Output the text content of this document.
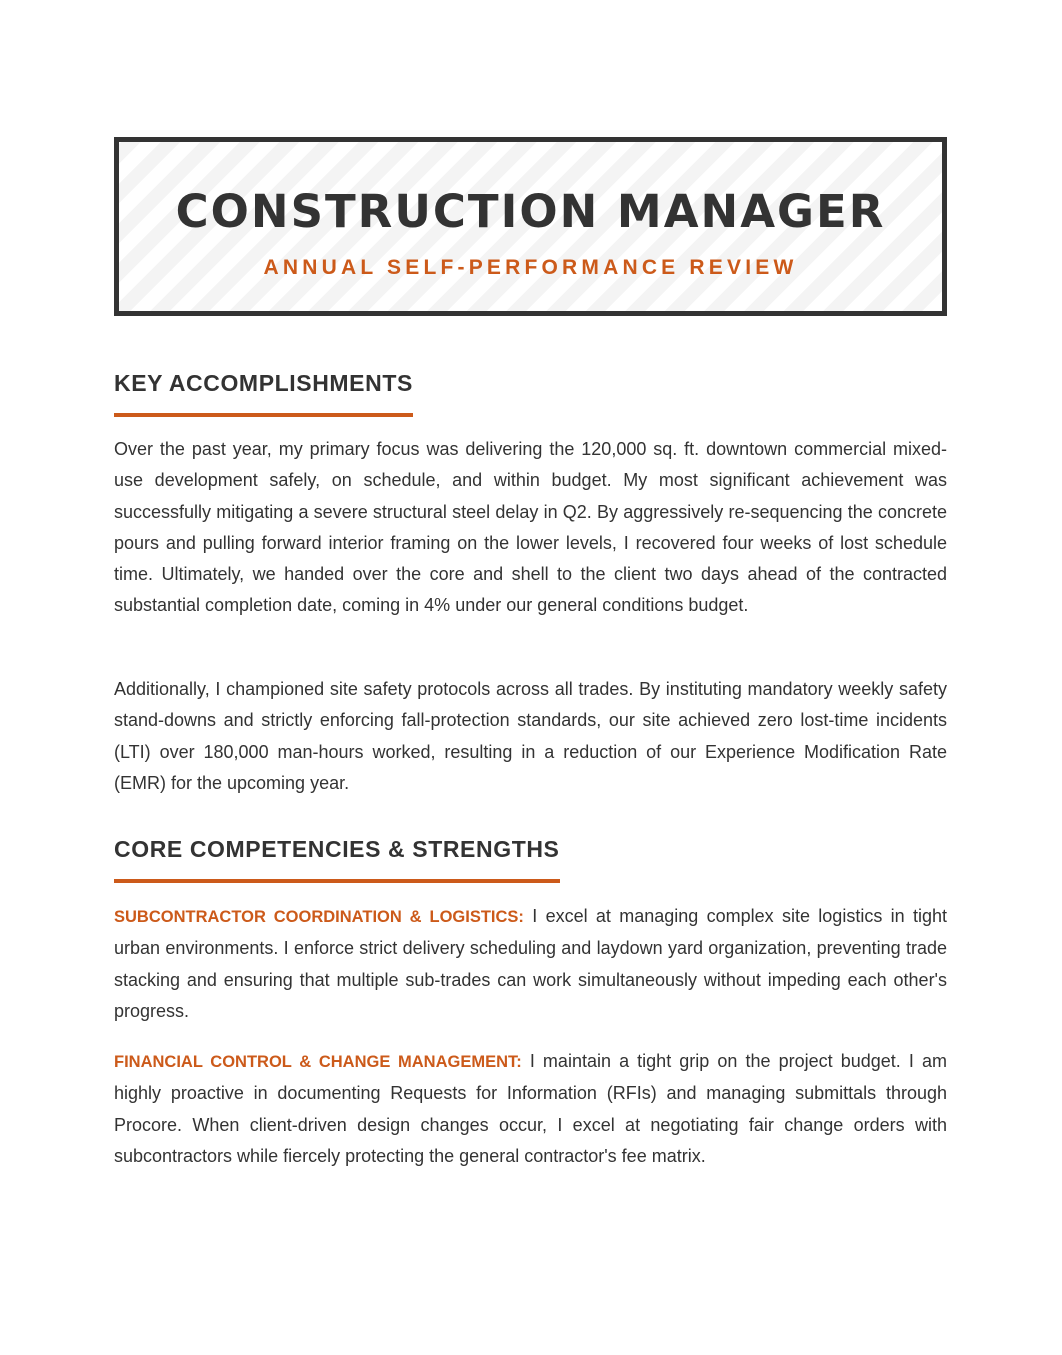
CONSTRUCTION MANAGER
ANNUAL SELF-PERFORMANCE REVIEW
KEY ACCOMPLISHMENTS

Over the past year, my primary focus was delivering the 120,000 sq. ft. downtown commercial mixed-use development safely, on schedule, and within budget. My most significant achievement was successfully mitigating a severe structural steel delay in Q2. By aggressively re-sequencing the concrete pours and pulling forward interior framing on the lower levels, I recovered four weeks of lost schedule time. Ultimately, we handed over the core and shell to the client two days ahead of the contracted substantial completion date, coming in 4% under our general conditions budget.

Additionally, I championed site safety protocols across all trades. By instituting mandatory weekly safety stand-downs and strictly enforcing fall-protection standards, our site achieved zero lost-time incidents (LTI) over 180,000 man-hours worked, resulting in a reduction of our Experience Modification Rate (EMR) for the upcoming year.

CORE COMPETENCIES & STRENGTHS

SUBCONTRACTOR COORDINATION & LOGISTICS: I excel at managing complex site logistics in tight urban environments. I enforce strict delivery scheduling and laydown yard organization, preventing trade stacking and ensuring that multiple sub-trades can work simultaneously without impeding each other's progress.

FINANCIAL CONTROL & CHANGE MANAGEMENT: I maintain a tight grip on the project budget. I am highly proactive in documenting Requests for Information (RFIs) and managing submittals through Procore. When client-driven design changes occur, I excel at negotiating fair change orders with subcontractors while fiercely protecting the general contractor's fee matrix.
